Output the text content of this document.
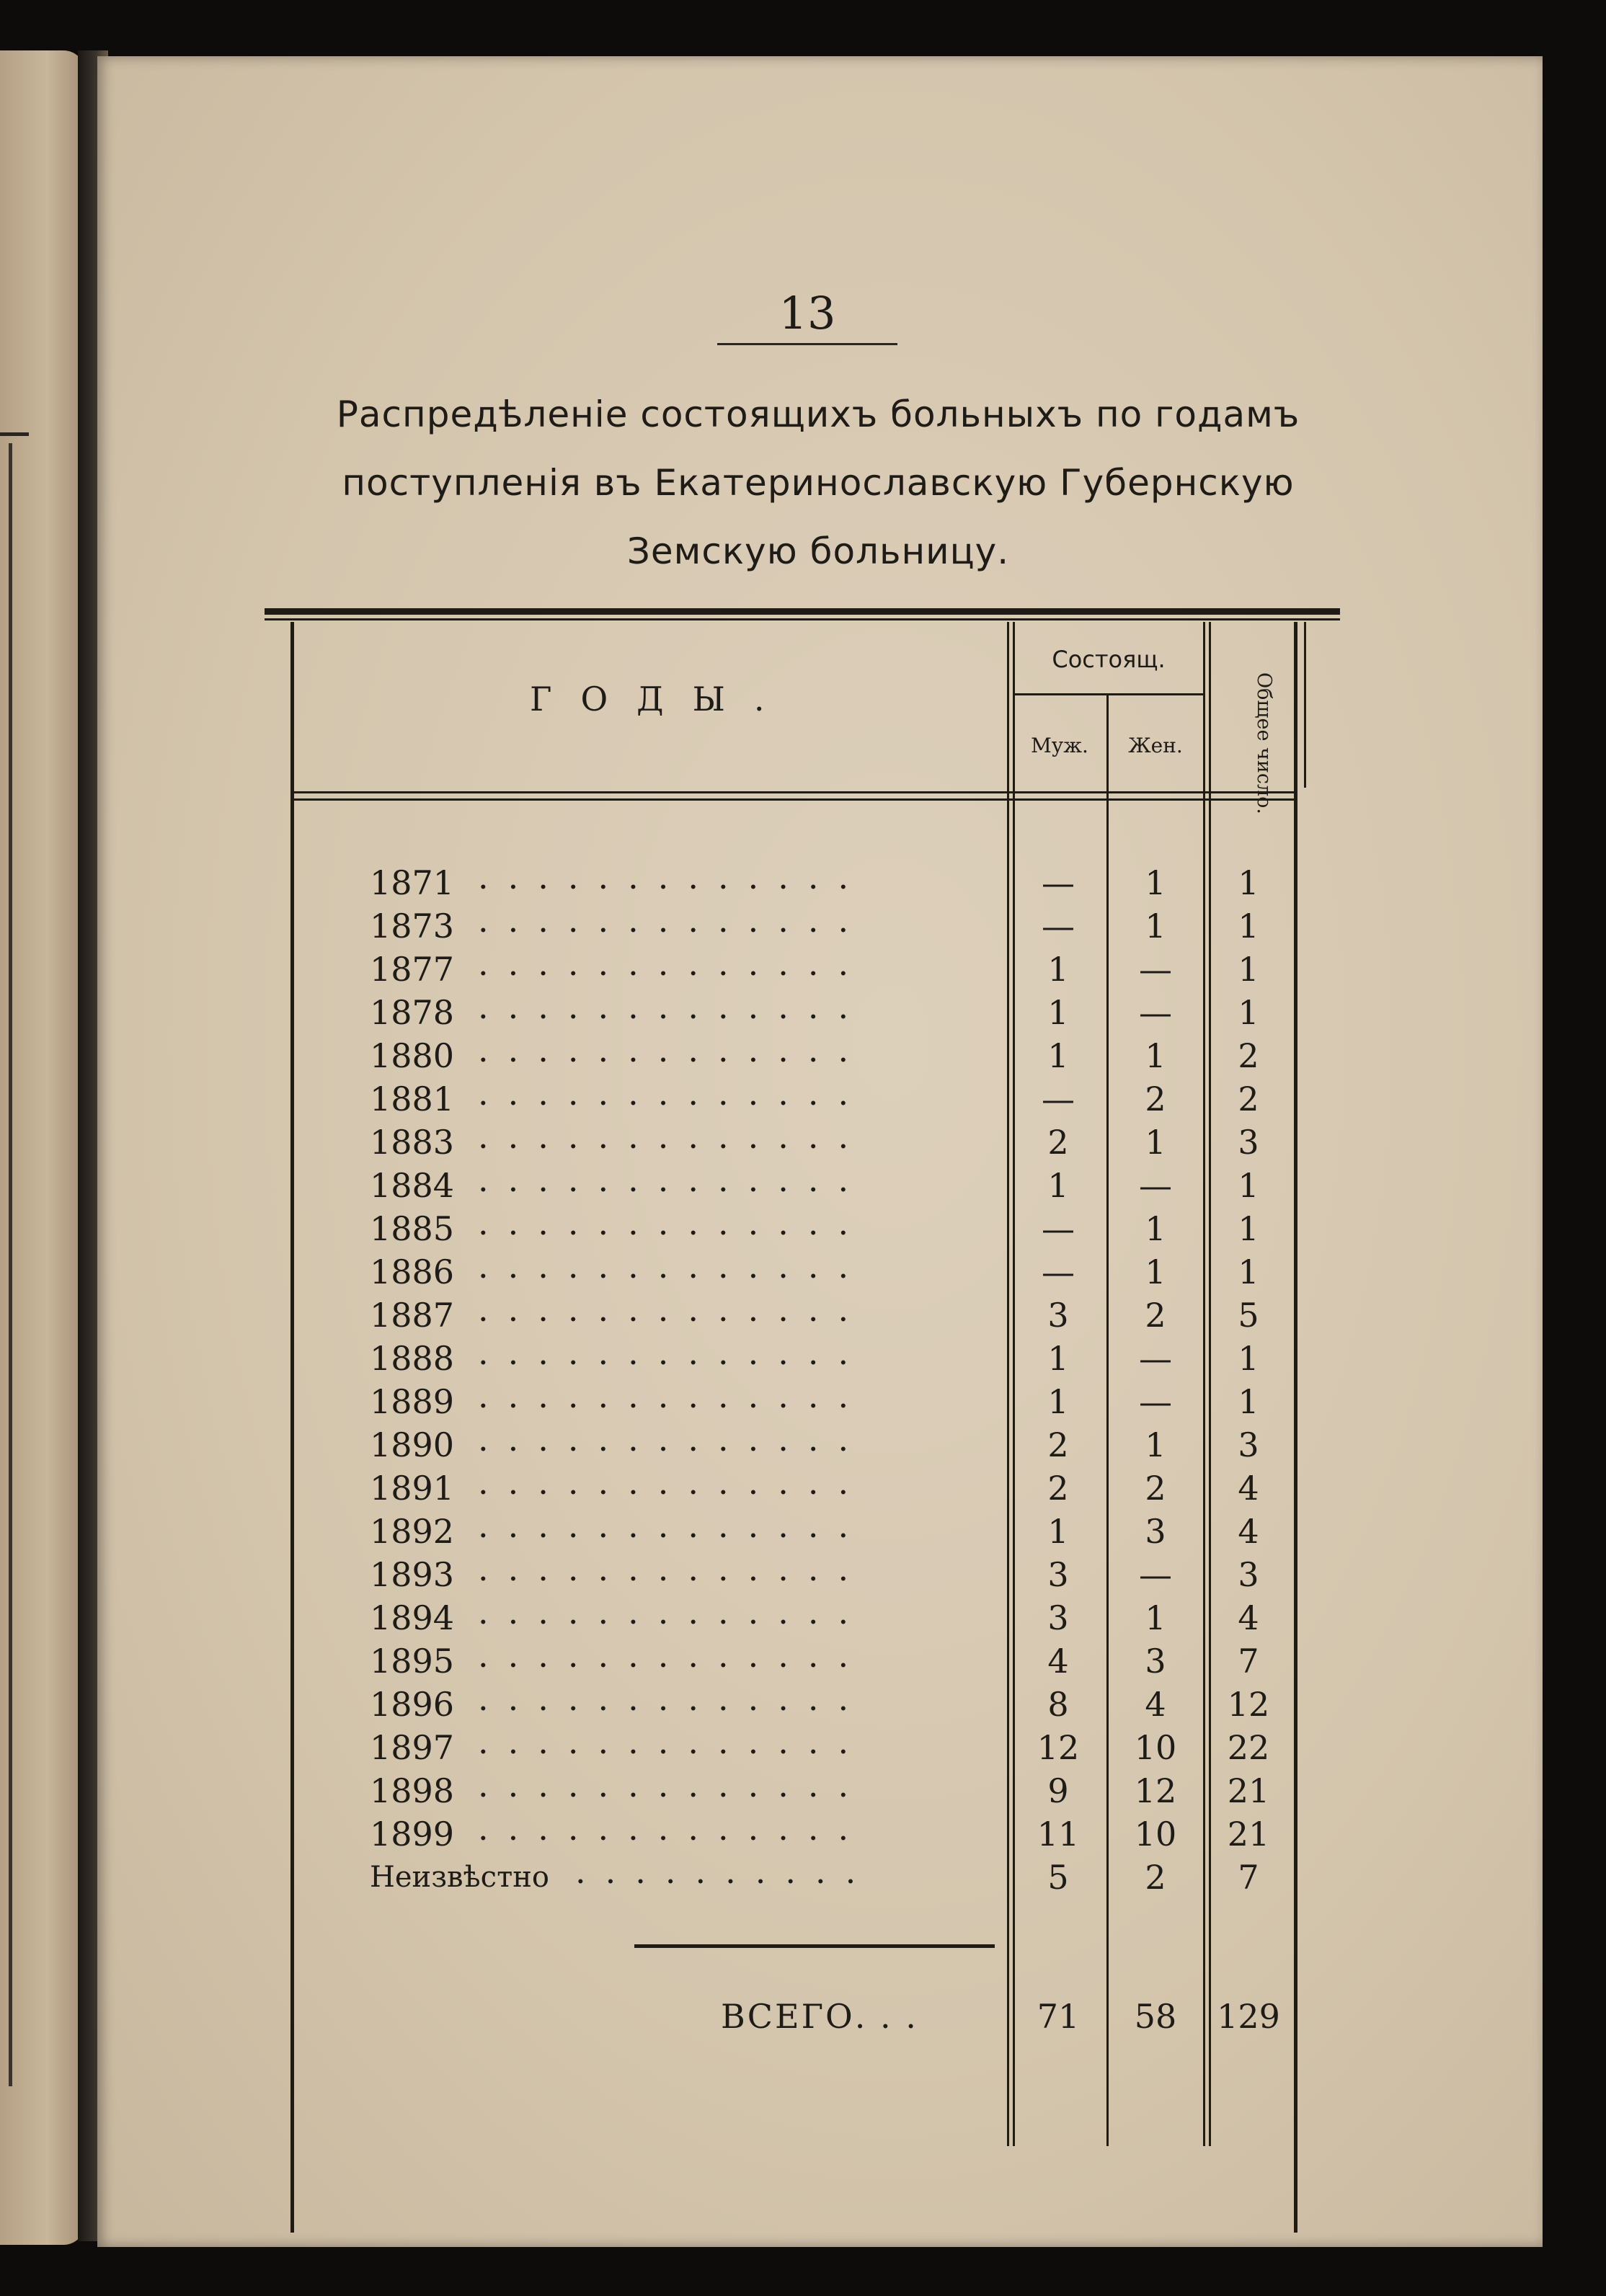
13
Распредѣленіе состоящихъ больныхъ по годамъ
поступленія въ Екатеринославскую Губернскую
Земскую больницу.
ГОДЫ.
Состоящ.
Муж.	Жен.	Общее число.
1871 .............	—	1	1
1873 .............	—	1	1
1877 .............	1	—	1
1878 .............	1	—	1
1880 .............	1	1	2
1881 .............	—	2	2
1883 .............	2	1	3
1884 .............	1	—	1
1885 .............	—	1	1
1886 .............	—	1	1
1887 .............	3	2	5
1888 .............	1	—	1
1889 .............	1	—	1
1890 .............	2	1	3
1891 .............	2	2	4
1892 .............	1	3	4
1893 .............	3	—	3
1894 .............	3	1	4
1895 .............	4	3	7
1896 .............	8	4	12
1897 .............	12	10	22
1898 .............	9	12	21
1899 .............	11	10	21
Неизвѣстно ..........	5	2	7
ВСЕГО. . .	71	58	129
